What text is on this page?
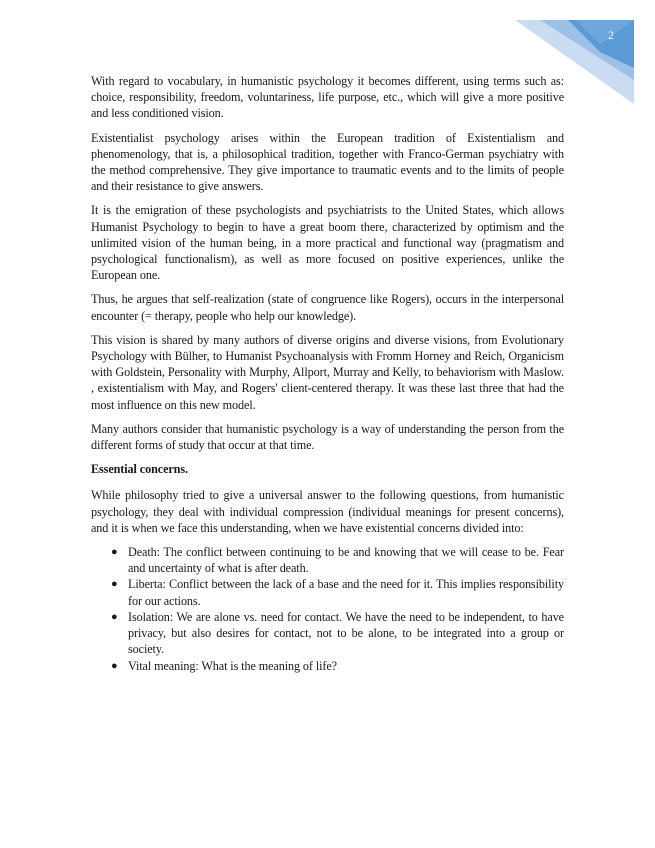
2

With regard to vocabulary, in humanistic psychology it becomes different, using terms such as: choice, responsibility, freedom, voluntariness, life purpose, etc., which will give a more positive and less conditioned vision.

Existentialist psychology arises within the European tradition of Existentialism and phenomenology, that is, a philosophical tradition, together with Franco-German psychiatry with the method comprehensive. They give importance to traumatic events and to the limits of people and their resistance to give answers.

It is the emigration of these psychologists and psychiatrists to the United States, which allows Humanist Psychology to begin to have a great boom there, characterized by optimism and the unlimited vision of the human being, in a more practical and functional way (pragmatism and psychological functionalism), as well as more focused on positive experiences, unlike the European one.

Thus, he argues that self-realization (state of congruence like Rogers), occurs in the interpersonal encounter (= therapy, people who help our knowledge).

This vision is shared by many authors of diverse origins and diverse visions, from Evolutionary Psychology with Bülher, to Humanist Psychoanalysis with Fromm Horney and Reich, Organicism with Goldstein, Personality with Murphy, Allport, Murray and Kelly, to behaviorism with Maslow. , existentialism with May, and Rogers' client-centered therapy. It was these last three that had the most influence on this new model.

Many authors consider that humanistic psychology is a way of understanding the person from the different forms of study that occur at that time.

Essential concerns.

While philosophy tried to give a universal answer to the following questions, from humanistic psychology, they deal with individual compression (individual meanings for present concerns), and it is when we face this understanding, when we have existential concerns divided into:

● Death: The conflict between continuing to be and knowing that we will cease to be. Fear and uncertainty of what is after death.
● Liberta: Conflict between the lack of a base and the need for it. This implies responsibility for our actions.
● Isolation: We are alone vs. need for contact. We have the need to be independent, to have privacy, but also desires for contact, not to be alone, to be integrated into a group or society.
● Vital meaning: What is the meaning of life?
